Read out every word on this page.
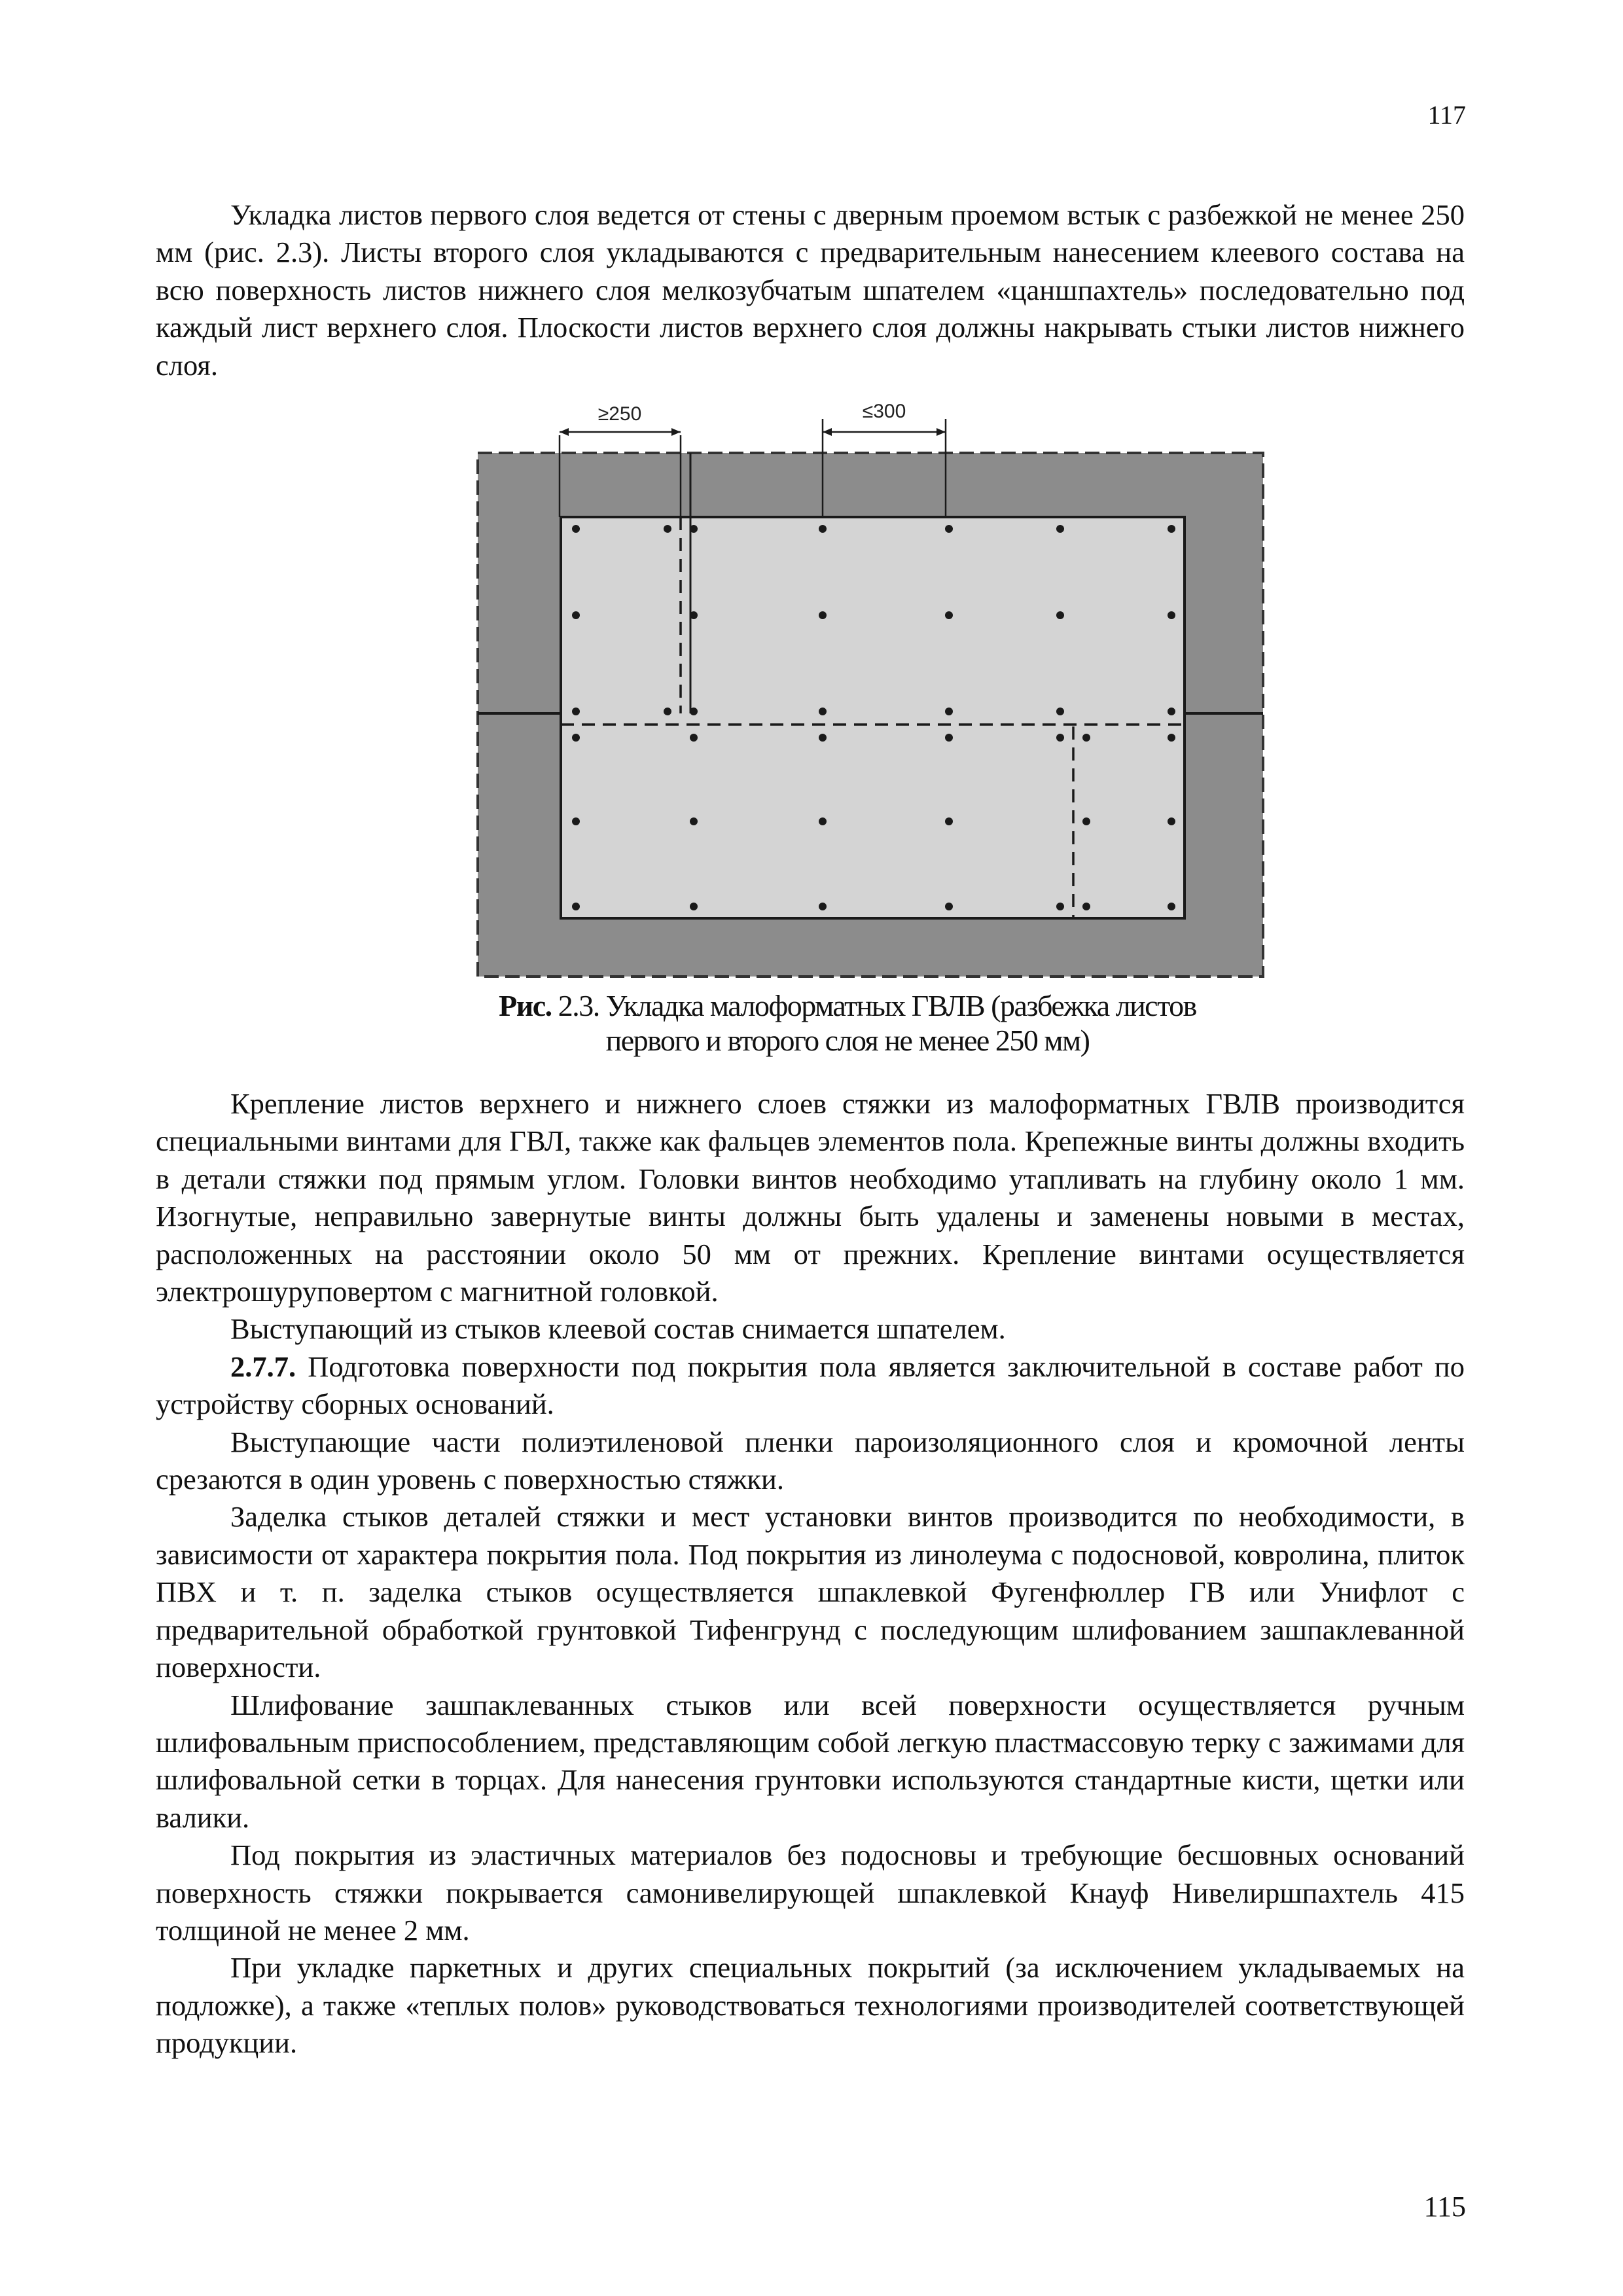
117

Укладка листов первого слоя ведется от стены с дверным проемом встык с разбежкой не менее 250 мм (рис. 2.3). Листы второго слоя укладываются с предварительным нанесением клеевого состава на всю поверхность листов нижнего слоя мелкозубчатым шпателем «цаншпахтель» последовательно под каждый лист верхнего слоя. Плоскости листов верхнего слоя должны накрывать стыки листов нижнего слоя.

≥250	≤300
Рис. 2.3. Укладка малоформатных ГВЛВ (разбежка листов
первого и второго слоя не менее 250 мм)

Крепление листов верхнего и нижнего слоев стяжки из малоформатных ГВЛВ производится специальными винтами для ГВЛ, также как фальцев элементов пола. Крепежные винты должны входить в детали стяжки под прямым углом. Головки винтов необходимо утапливать на глубину около 1 мм. Изогнутые, неправильно завернутые винты должны быть удалены и заменены новыми в местах, расположенных на расстоянии около 50 мм от прежних. Крепление винтами осуществляется электрошуруповертом с магнитной головкой.

Выступающий из стыков клеевой состав снимается шпателем.

2.7.7. Подготовка поверхности под покрытия пола является заключительной в составе работ по устройству сборных оснований.

Выступающие части полиэтиленовой пленки пароизоляционного слоя и кромочной ленты срезаются в один уровень с поверхностью стяжки.

Заделка стыков деталей стяжки и мест установки винтов производится по необходимости, в зависимости от характера покрытия пола. Под покрытия из линолеума с подосновой, ковролина, плиток ПВХ и т. п. заделка стыков осуществляется шпаклевкой Фугенфюллер ГВ или Унифлот с предварительной обработкой грунтовкой Тифенгрунд с последующим шлифованием зашпаклеванной поверхности.

Шлифование зашпаклеванных стыков или всей поверхности осуществляется ручным шлифовальным приспособлением, представляющим собой легкую пластмассовую терку с зажимами для шлифовальной сетки в торцах. Для нанесения грунтовки используются стандартные кисти, щетки или валики.

Под покрытия из эластичных материалов без подосновы и требующие бесшовных оснований поверхность стяжки покрывается самонивелирующей шпаклевкой Кнауф Нивелиршпахтель 415 толщиной не менее 2 мм.

При укладке паркетных и других специальных покрытий (за исключением укладываемых на подложке), а также «теплых полов» руководствоваться технологиями производителей соответствующей продукции.

115
